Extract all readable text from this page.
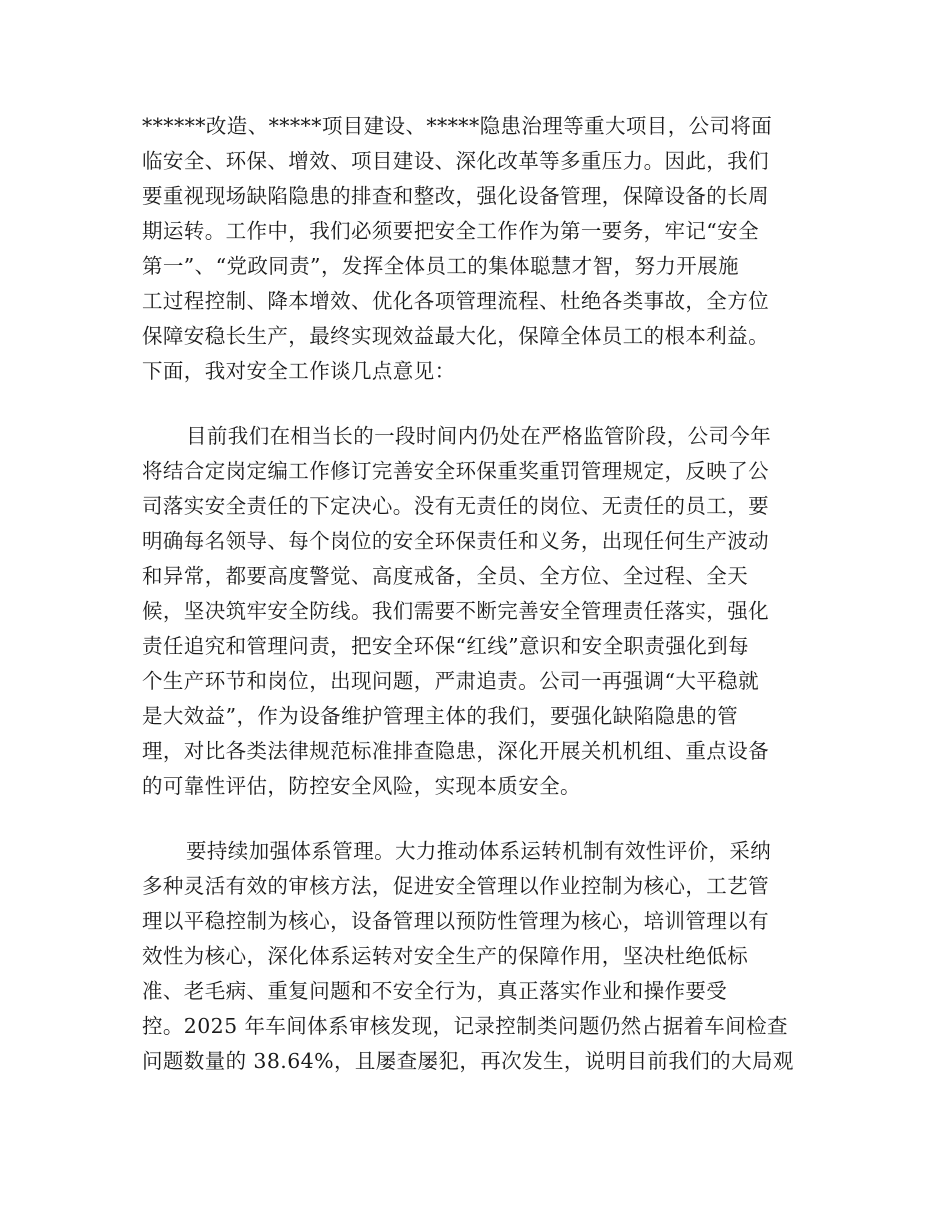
******改造、*****项目建设、*****隐患治理等重大项目，公司将面
临安全、环保、增效、项目建设、深化改革等多重压力。因此，我们
要重视现场缺陷隐患的排查和整改，强化设备管理，保障设备的长周
期运转。工作中，我们必须要把安全工作作为第一要务，牢记“安全
第一”、“党政同责”，发挥全体员工的集体聪慧才智，努力开展施
工过程控制、降本增效、优化各项管理流程、杜绝各类事故，全方位
保障安稳长生产，最终实现效益最大化，保障全体员工的根本利益。
下面，我对安全工作谈几点意见：
目前我们在相当长的一段时间内仍处在严格监管阶段，公司今年
将结合定岗定编工作修订完善安全环保重奖重罚管理规定，反映了公
司落实安全责任的下定决心。没有无责任的岗位、无责任的员工，要
明确每名领导、每个岗位的安全环保责任和义务，出现任何生产波动
和异常，都要高度警觉、高度戒备，全员、全方位、全过程、全天
候，坚决筑牢安全防线。我们需要不断完善安全管理责任落实，强化
责任追究和管理问责，把安全环保“红线”意识和安全职责强化到每
个生产环节和岗位，出现问题，严肃追责。公司一再强调“大平稳就
是大效益”，作为设备维护管理主体的我们，要强化缺陷隐患的管
理，对比各类法律规范标准排查隐患，深化开展关机机组、重点设备
的可靠性评估，防控安全风险，实现本质安全。
要持续加强体系管理。大力推动体系运转机制有效性评价，采纳
多种灵活有效的审核方法，促进安全管理以作业控制为核心，工艺管
理以平稳控制为核心，设备管理以预防性管理为核心，培训管理以有
效性为核心，深化体系运转对安全生产的保障作用，坚决杜绝低标
准、老毛病、重复问题和不安全行为，真正落实作业和操作要受
控。2025 年车间体系审核发现，记录控制类问题仍然占据着车间检查
问题数量的 38.64%，且屡查屡犯，再次发生，说明目前我们的大局观
